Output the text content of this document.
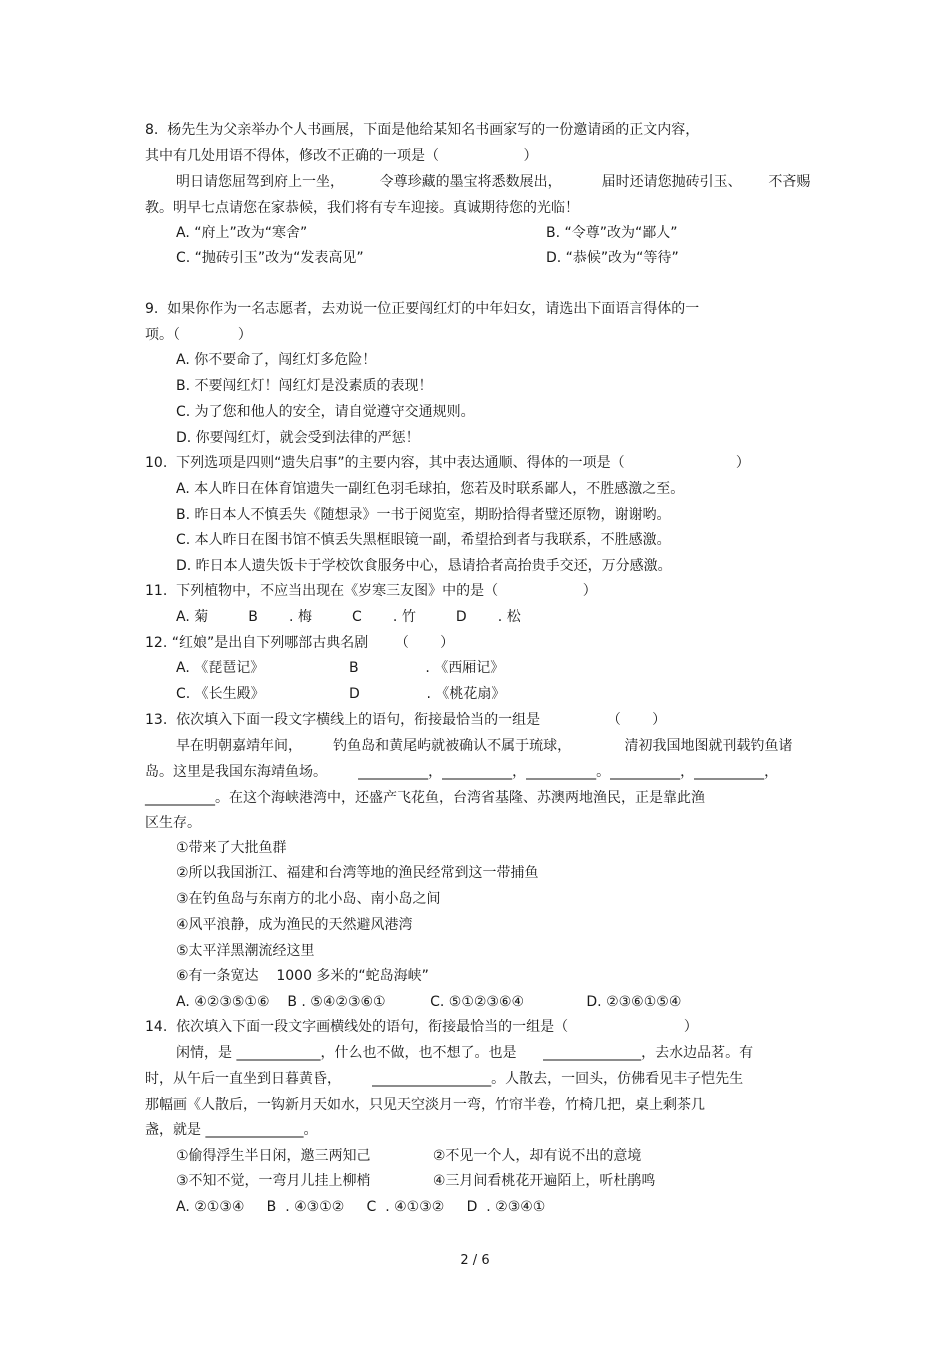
8.  杨先生为父亲举办个人书画展，下面是他给某知名书画家写的一份邀请函的正文内容，
其中有几处用语不得体，修改不正确的一项是（                   ）
明日请您屈驾到府上一坐，        令尊珍藏的墨宝将悉数展出，         届时还请您抛砖引玉、      不吝赐
教。明早七点请您在家恭候，我们将有专车迎接。真诚期待您的光临！
A. “府上”改为“寒舍”	B. “令尊”改为“鄙人”
C. “抛砖引玉”改为“发表高见”	D. “恭候”改为“等待”
9.  如果你作为一名志愿者，去劝说一位正要闯红灯的中年妇女，请选出下面语言得体的一
项。（             ）
A. 你不要命了，闯红灯多危险！
B. 不要闯红灯！闯红灯是没素质的表现！
C. 为了您和他人的安全，请自觉遵守交通规则。
D. 你要闯红灯，就会受到法律的严惩！
10.  下列选项是四则“遗失启事”的主要内容，其中表达通顺、得体的一项是（                         ）
A. 本人昨日在体育馆遗失一副红色羽毛球拍，您若及时联系鄙人，不胜感激之至。
B. 昨日本人不慎丢失《随想录》一书于阅览室，期盼拾得者璧还原物，谢谢哟。
C. 本人昨日在图书馆不慎丢失黑框眼镜一副，希望拾到者与我联系，不胜感激。
D. 昨日本人遗失饭卡于学校饮食服务中心，恳请拾者高抬贵手交还，万分感激。
11.  下列植物中，不应当出现在《岁寒三友图》中的是（                   ）
A. 菊         B       . 梅         C       . 竹         D       . 松
12. “红娘”是出自下列哪部古典名剧      （       ）
A. 《琵琶记》	B               . 《西厢记》
C. 《长生殿》	D               . 《桃花扇》
13.  依次填入下面一段文字横线上的语句，衔接最恰当的一组是               （       ）
早在明朝嘉靖年间，       钓鱼岛和黄尾屿就被确认不属于琉球，            清初我国地图就刊载钓鱼诸
岛。这里是我国东海靖鱼场。       __________，__________，__________。__________，__________，
__________。在这个海峡港湾中，还盛产飞花鱼，台湾省基隆、苏澳两地渔民，正是靠此渔
区生存。
①带来了大批鱼群
②所以我国浙江、福建和台湾等地的渔民经常到这一带捕鱼
③在钓鱼岛与东南方的北小岛、南小岛之间
④风平浪静，成为渔民的天然避风港湾
⑤太平洋黑潮流经这里
⑥有一条宽达    1000 多米的“蛇岛海峡”
A. ④②③⑤①⑥    B . ⑤④②③⑥①          C. ⑤①②③⑥④              D. ②③⑥①⑤④
14.  依次填入下面一段文字画横线处的语句，衔接最恰当的一组是（                          ）
闲情，是 ____________，什么也不做，也不想了。也是      ______________，去水边品茗。有
时，从午后一直坐到日暮黄昏，       _________________。人散去，一回头，仿佛看见丰子恺先生
那幅画《人散后，一钩新月天如水，只见天空淡月一弯，竹帘半卷，竹椅几把，桌上剩茶几
盏，就是 ______________。
①偷得浮生半日闲，邀三两知己              ②不见一个人，却有说不出的意境
③不知不觉，一弯月儿挂上柳梢              ④三月间看桃花开遍陌上，听杜鹃鸣
A. ②①③④     B  . ④③①②     C  . ④①③②     D  . ②③④①
2 / 6
